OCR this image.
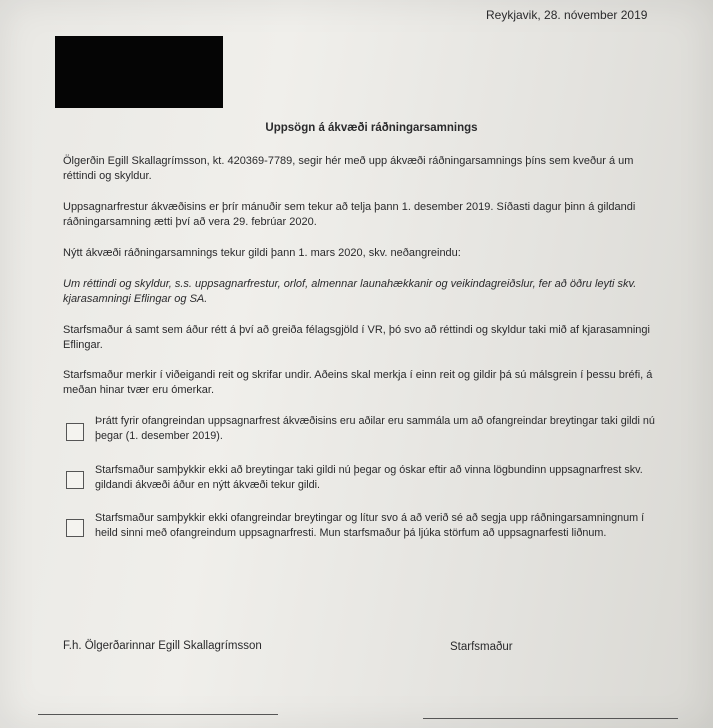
Reykjavik, 28. nóvember 2019
Uppsögn á ákvæði ráðningarsamnings
Ölgerðin Egill Skallagrímsson, kt. 420369-7789, segir hér með upp ákvæði ráðningarsamnings þíns sem kveður á um réttindi og skyldur.
Uppsagnarfrestur ákvæðisins er þrír mánuðir sem tekur að telja þann 1. desember 2019. Síðasti dagur þinn á gildandi ráðningarsamning ætti því að vera 29. febrúar 2020.
Nýtt ákvæði ráðningarsamnings tekur gildi þann 1. mars 2020, skv. neðangreindu:
Um réttindi og skyldur, s.s. uppsagnarfrestur, orlof, almennar launahækkanir og veikindagreiðslur, fer að öðru leyti skv. kjarasamningi Eflingar og SA.
Starfsmaður á samt sem áður rétt á því að greiða félagsgjöld í VR, þó svo að réttindi og skyldur taki mið af kjarasamningi Eflingar.
Starfsmaður merkir í viðeigandi reit og skrifar undir. Aðeins skal merkja í einn reit og gildir þá sú málsgrein í þessu bréfi, á meðan hinar tvær eru ómerkar.
Þrátt fyrir ofangreindan uppsagnarfrest ákvæðisins eru aðilar eru sammála um að ofangreindar breytingar taki gildi nú þegar (1. desember 2019).
Starfsmaður samþykkir ekki að breytingar taki gildi nú þegar og óskar eftir að vinna lögbundinn uppsagnarfrest skv. gildandi ákvæði áður en nýtt ákvæði tekur gildi.
Starfsmaður samþykkir ekki ofangreindar breytingar og lítur svo á að verið sé að segja upp ráðningarsamningnum í heild sinni með ofangreindum uppsagnarfresti. Mun starfsmaður þá ljúka störfum að uppsagnarfesti liðnum.
F.h. Ölgerðarinnar Egill Skallagrímsson	Starfsmaður
